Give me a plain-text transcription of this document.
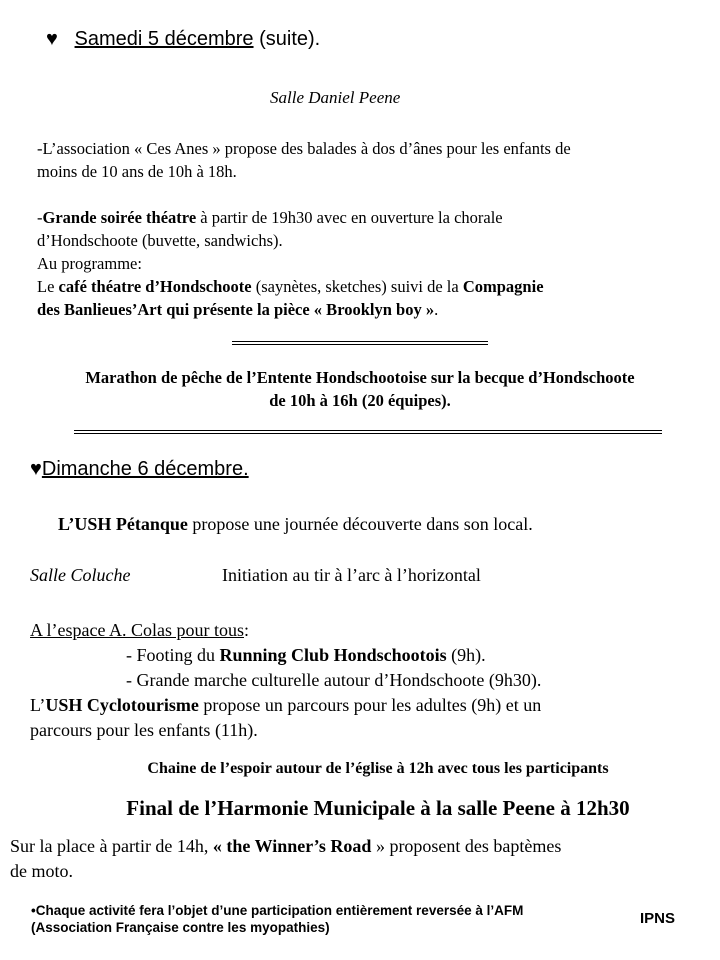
♥ Samedi 5 décembre (suite).
Salle Daniel Peene
-L’association « Ces Anes » propose des balades à dos d’ânes pour les enfants de
moins de 10 ans de 10h à 18h.
-Grande soirée théatre à partir de 19h30 avec en ouverture la chorale
d’Hondschoote (buvette, sandwichs).
Au programme:
Le café théatre d’Hondschoote (saynètes, sketches) suivi de la Compagnie
des Banlieues’Art qui présente la pièce « Brooklyn boy ».
Marathon de pêche de l’Entente Hondschootoise sur la becque d’Hondschoote
de 10h à 16h (20 équipes).
♥Dimanche 6 décembre.
L’USH Pétanque propose une journée découverte dans son local.
Salle Coluche	Initiation au tir à l’arc à l’horizontal
A l’espace A. Colas pour tous:
- Footing du Running Club Hondschootois (9h).
- Grande marche culturelle autour d’Hondschoote (9h30).
L’USH Cyclotourisme propose un parcours pour les adultes (9h) et un
parcours pour les enfants (11h).
Chaine de l’espoir autour de l’église à 12h avec tous les participants
Final de l’Harmonie Municipale à la salle Peene à 12h30
Sur la place à partir de 14h, « the Winner’s Road » proposent des baptèmes
de moto.
•Chaque activité fera l’objet d’une participation entièrement reversée à l’AFM
(Association Française contre les myopathies)
IPNS
